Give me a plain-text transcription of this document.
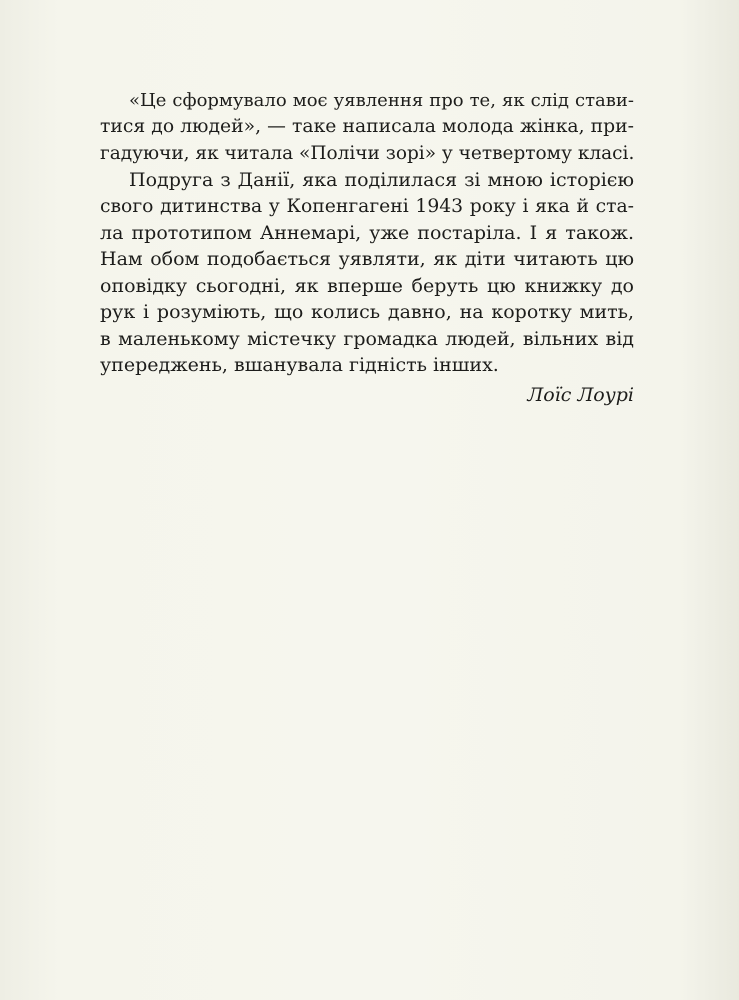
«Це сформувало моє уявлення про те, як слід стави-
тися до людей», — таке написала молода жінка, при-
гадуючи, як читала «Полічи зорі» у четвертому класі.
Подруга з Данії, яка поділилася зі мною історією
свого дитинства у Копенгагені 1943 року і яка й ста-
ла прототипом Аннемарі, уже постаріла. І я також.
Нам обом подобається уявляти, як діти читають цю
оповідку сьогодні, як вперше беруть цю книжку до
рук і розуміють, що колись давно, на коротку мить,
в маленькому містечку громадка людей, вільних від
упереджень, вшанувала гідність інших.
Лоїс Лоурі
